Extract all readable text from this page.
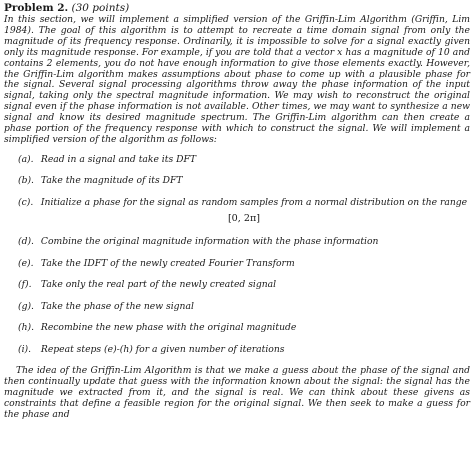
Problem 2. (30 points)

In this section, we will implement a simplified version of the Griffin-Lim Algorithm (Griffin, Lim 1984). The goal of this algorithm is to attempt to recreate a time domain signal from only the magnitude of its frequency response. Ordinarily, it is impossible to solve for a signal exactly given only its magnitude response. For example, if you are told that a vector x has a magnitude of 10 and contains 2 elements, you do not have enough information to give those elements exactly. However, the Griffin-Lim algorithm makes assumptions about phase to come up with a plausible phase for the signal. Several signal processing algorithms throw away the phase information of the input signal, taking only the spectral magnitude information. We may wish to reconstruct the original signal even if the phase information is not available. Other times, we may want to synthesize a new signal and know its desired magnitude spectrum. The Griffin-Lim algorithm can then create a phase portion of the frequency response with which to construct the signal. We will implement a simplified version of the algorithm as follows:

(a). Read in a signal and take its DFT
(b). Take the magnitude of its DFT
(c). Initialize a phase for the signal as random samples from a normal distribution on the range
[0, 2π]
(d). Combine the original magnitude information with the phase information
(e). Take the IDFT of the newly created Fourier Transform
(f). Take only the real part of the newly created signal
(g). Take the phase of the new signal
(h). Recombine the new phase with the original magnitude
(i). Repeat steps (e)-(h) for a given number of iterations

The idea of the Griffin-Lim Algorithm is that we make a guess about the phase of the signal and then continually update that guess with the information known about the signal: the signal has the magnitude we extracted from it, and the signal is real. We can think about these givens as constraints that define a feasible region for the original signal. We then seek to make a guess for the phase and
